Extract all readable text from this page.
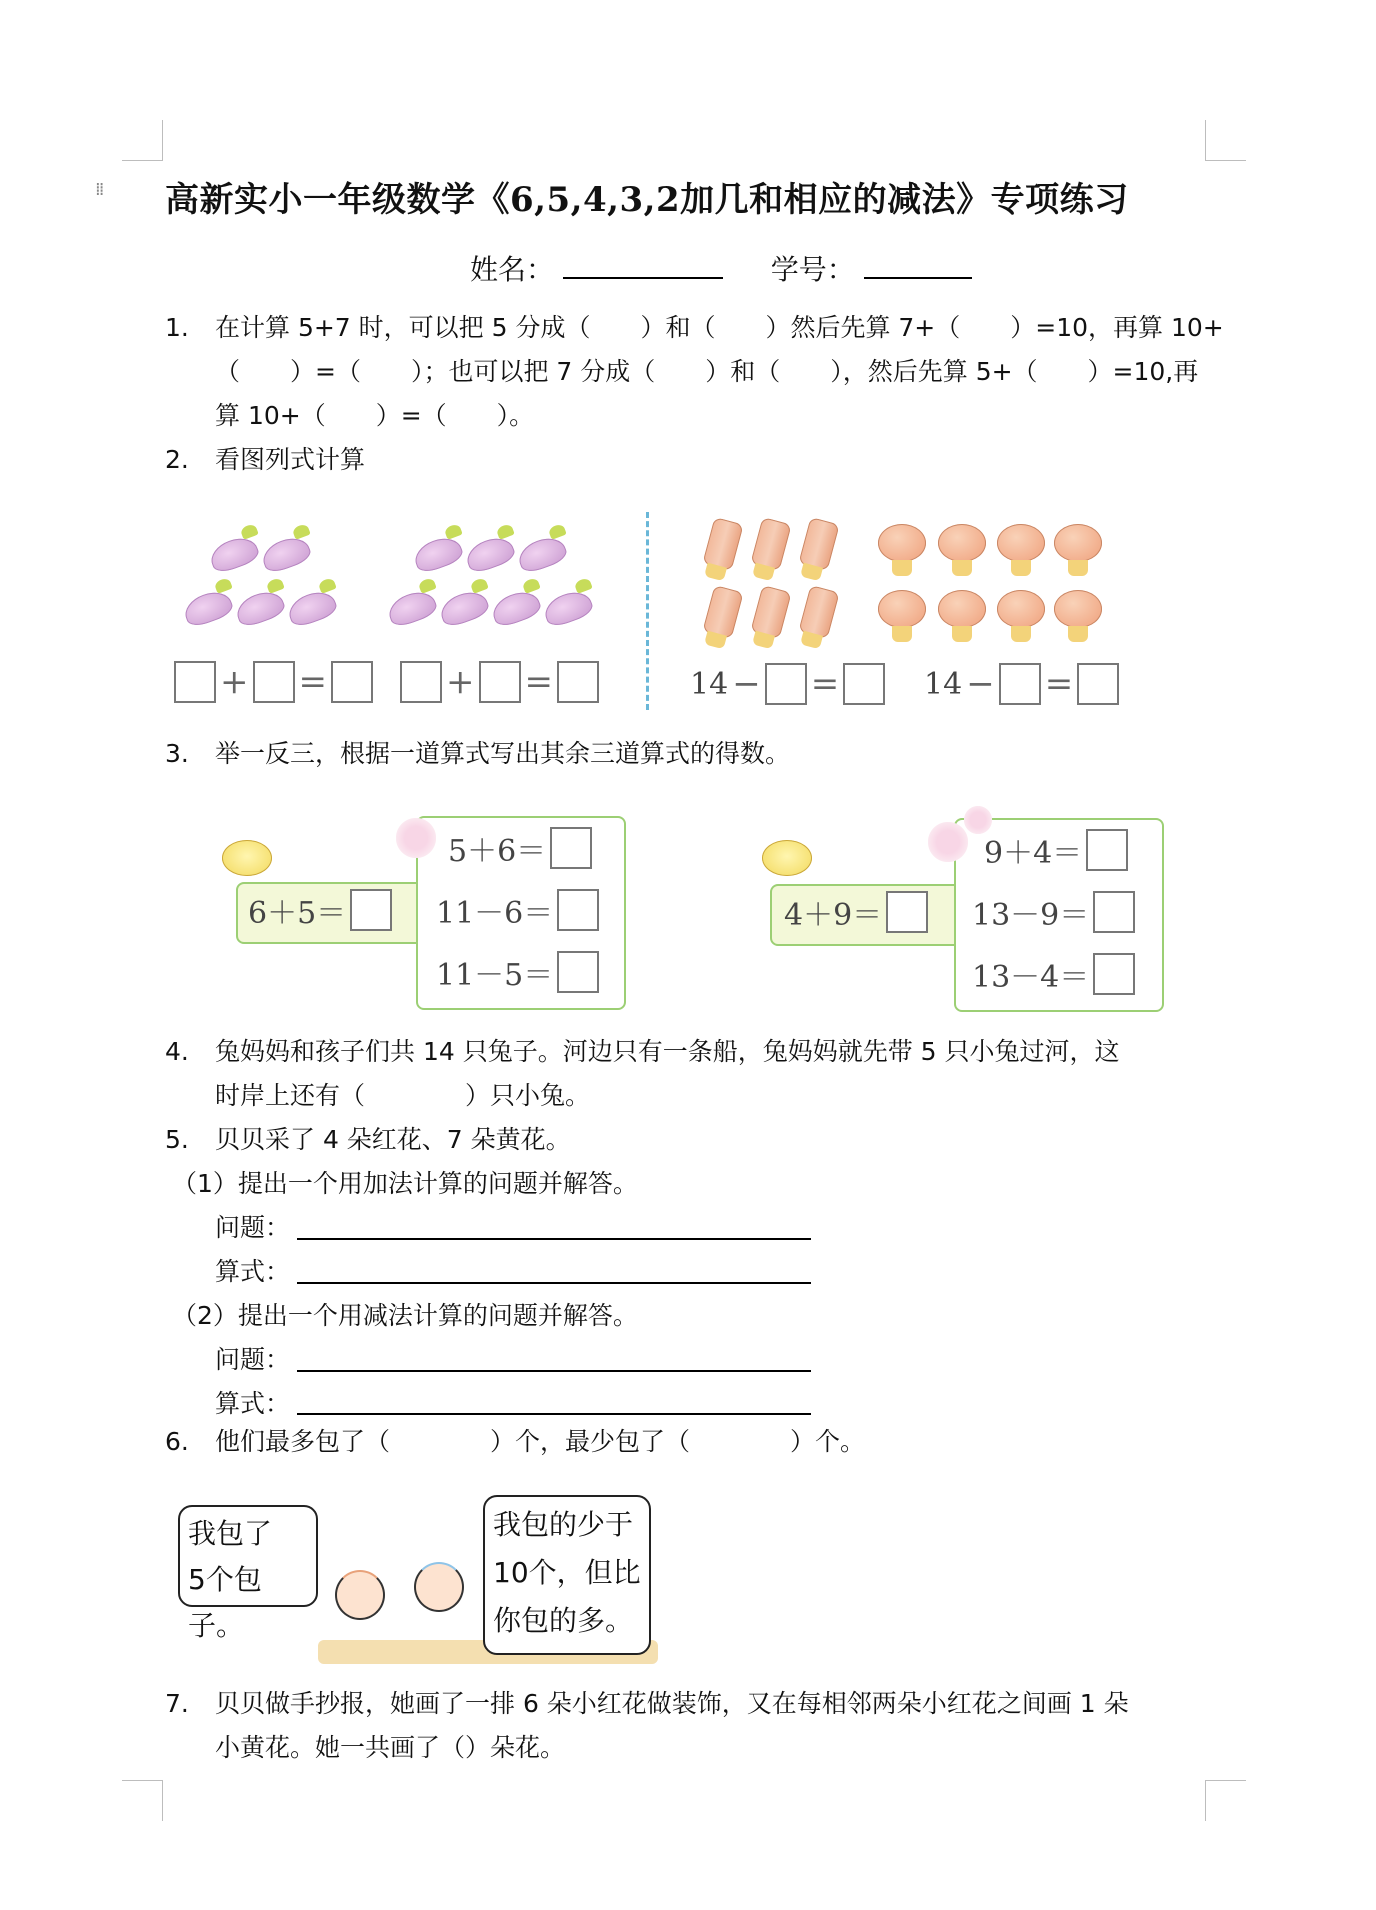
⁞⁞ 高新实小一年级数学《6,5,4,3,2加几和相应的减法》专项练习
姓名：	学号：
1. 在计算 5+7 时，可以把 5 分成（　　）和（　　）然后先算 7+（　　）=10，再算 10+
（　　）=（　　）；也可以把 7 分成（　　）和（　　），然后先算 5+（　　）=10,再
算 10+（　　）=（　　）。
2. 看图列式计算
+ =	+ =	14 − =	14 − =
3. 举一反三，根据一道算式写出其余三道算式的得数。
6＋5＝
5＋6＝
11－6＝
11－5＝
4＋9＝
9＋4＝
13－9＝
13－4＝
4. 兔妈妈和孩子们共 14 只兔子。河边只有一条船，兔妈妈就先带 5 只小兔过河，这
时岸上还有（　　　　）只小兔。
5. 贝贝采了 4 朵红花、7 朵黄花。
（1）提出一个用加法计算的问题并解答。
问题：
算式：
（2）提出一个用减法计算的问题并解答。
问题：
算式：
6. 他们最多包了（　　　　）个，最少包了（　　　　）个。
我包了
5个包子。
我包的少于
10个，但比
你包的多。
7. 贝贝做手抄报，她画了一排 6 朵小红花做装饰，又在每相邻两朵小红花之间画 1 朵
小黄花。她一共画了（）朵花。
